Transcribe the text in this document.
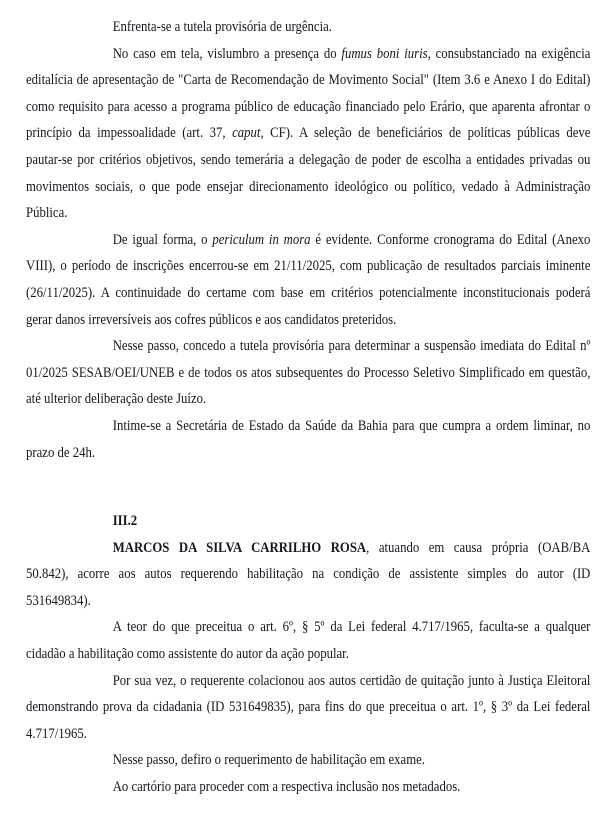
Enfrenta-se a tutela provisória de urgência.
No caso em tela, vislumbro a presença do fumus boni iuris, consubstanciado na exigência
editalícia de apresentação de "Carta de Recomendação de Movimento Social" (Item 3.6 e Anexo I do Edital)
como requisito para acesso a programa público de educação financiado pelo Erário, que aparenta afrontar o
princípio da impessoalidade (art. 37, caput, CF). A seleção de beneficiários de políticas públicas deve
pautar-se por critérios objetivos, sendo temerária a delegação de poder de escolha a entidades privadas ou
movimentos sociais, o que pode ensejar direcionamento ideológico ou político, vedado à Administração
Pública.
De igual forma, o periculum in mora é evidente. Conforme cronograma do Edital (Anexo
VIII), o período de inscrições encerrou-se em 21/11/2025, com publicação de resultados parciais iminente
(26/11/2025). A continuidade do certame com base em critérios potencialmente inconstitucionais poderá
gerar danos irreversíveis aos cofres públicos e aos candidatos preteridos.
Nesse passo, concedo a tutela provisória para determinar a suspensão imediata do Edital nº
01/2025 SESAB/OEI/UNEB e de todos os atos subsequentes do Processo Seletivo Simplificado em questão,
até ulterior deliberação deste Juízo.
Intime-se a Secretária de Estado da Saúde da Bahia para que cumpra a ordem liminar, no
prazo de 24h.
III.2
MARCOS DA SILVA CARRILHO ROSA, atuando em causa própria (OAB/BA
50.842), acorre aos autos requerendo habilitação na condição de assistente simples do autor (ID
531649834).
A teor do que preceitua o art. 6º, § 5º da Lei federal 4.717/1965, faculta-se a qualquer
cidadão a habilitação como assistente do autor da ação popular.
Por sua vez, o requerente colacionou aos autos certidão de quitação junto à Justiça Eleitoral
demonstrando prova da cidadania (ID 531649835), para fins do que preceitua o art. 1º, § 3º da Lei federal
4.717/1965.
Nesse passo, defiro o requerimento de habilitação em exame.
Ao cartório para proceder com a respectiva inclusão nos metadados.
